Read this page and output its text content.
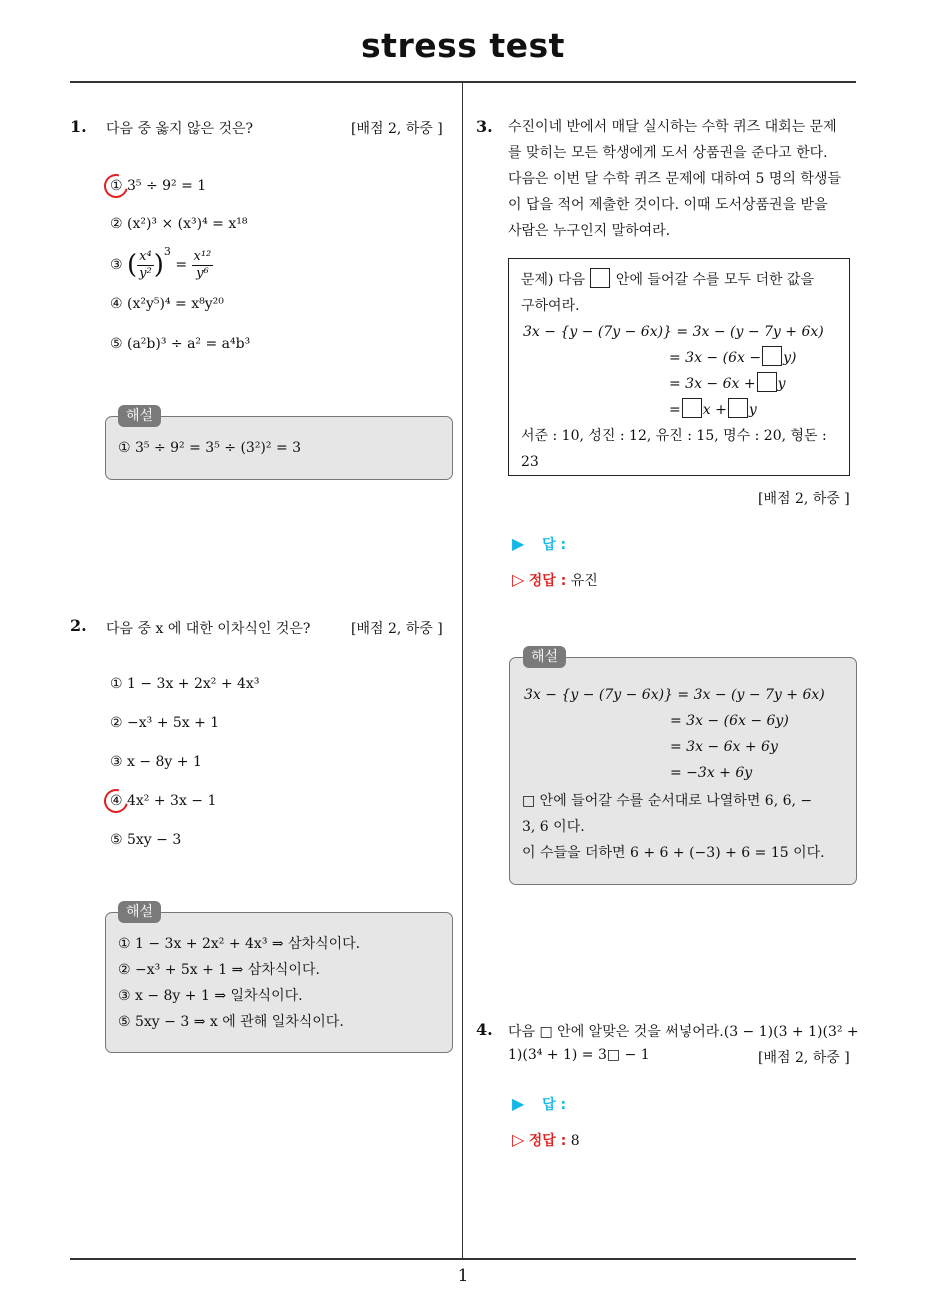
stress test
1. 다음 중 옳지 않은 것은?	[배점 2, 하중 ]
① 3⁵ ÷ 9² = 1
② (x²)³ × (x³)⁴ = x¹⁸
③ ( $\frac{\text{x⁴}}{\text{y²}} )^3 = \frac{\text{x¹²}}{\text{y⁶}}$
④ (x²y⁵)⁴ = x⁸y²⁰
⑤ (a²b)³ ÷ a² = a⁴b³
① 3⁵ ÷ 9² = 3⁵ ÷ (3²)² = 3
해설
2. 다음 중 x 에 대한 이차식인 것은?	[배점 2, 하중 ]
① 1 − 3x + 2x² + 4x³
② −x³ + 5x + 1
③ x − 8y + 1
④ 4x² + 3x − 1
⑤ 5xy − 3
① 1 − 3x + 2x² + 4x³ ⇒ 삼차식이다.
② −x³ + 5x + 1 ⇒ 삼차식이다.
③ x − 8y + 1 ⇒ 일차식이다.
⑤ 5xy − 3 ⇒ x 에 관해 일차식이다.
해설
3. 수진이네 반에서 매달 실시하는 수학 퀴즈 대회는 문제
를 맞히는 모든 학생에게 도서 상품권을 준다고 한다.
다음은 이번 달 수학 퀴즈 문제에 대하여 5 명의 학생들
이 답을 적어 제출한 것이다. 이때 도서상품권을 받을
사람은 누구인지 말하여라.
문제) 다음 안에 들어갈 수를 모두 더한 값을
구하여라.
3x − {y − (7y − 6x)} = 3x − (y − 7y + 6x)
= 3x − (6x − y)
= 3x − 6x + y
= x + y
서준 : 10, 성진 : 12, 유진 : 15, 명수 : 20, 형돈 :
23
[배점 2, 하중 ]
▶ 답 :
▷ 정답 : 유진
3x − {y − (7y − 6x)} = 3x − (y − 7y + 6x)
= 3x − (6x − 6y)
= 3x − 6x + 6y
= −3x + 6y
□ 안에 들어갈 수를 순서대로 나열하면 6, 6, −
3, 6 이다.
이 수들을 더하면 6 + 6 + (−3) + 6 = 15 이다.
해설
4. 다음 □ 안에 알맞은 것을 써넣어라.(3 − 1)(3 + 1)(3² +
1)(3⁴ + 1) = 3□ − 1	[배점 2, 하중 ]
▶ 답 :
▷ 정답 : 8
1
